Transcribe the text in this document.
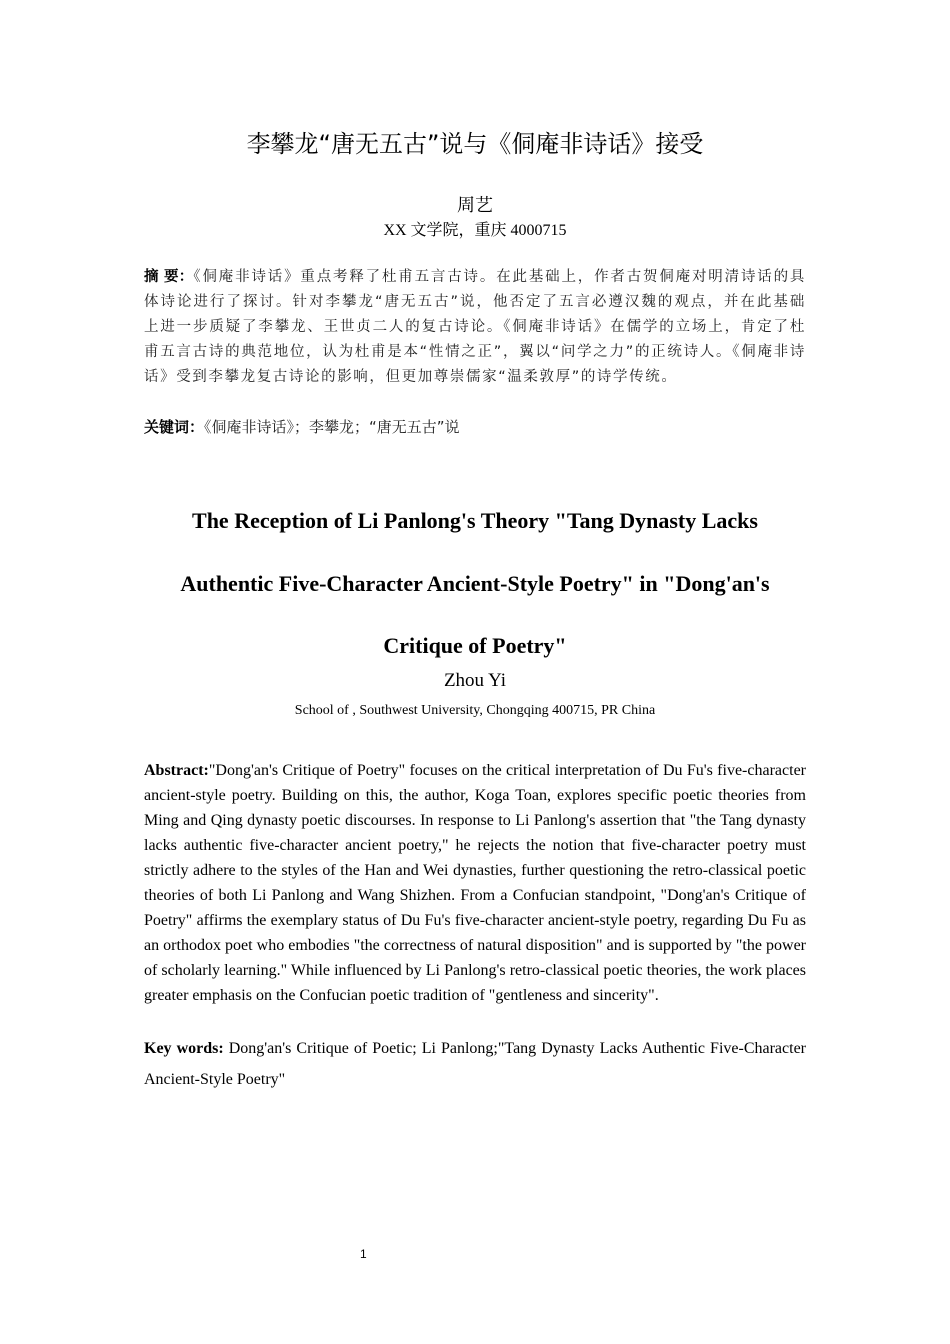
李攀龙“唐无五古”说与《侗庵非诗话》接受
周艺
XX 文学院，重庆 4000715
摘 要：《侗庵非诗话》重点考释了杜甫五言古诗。在此基础上，作者古贺侗庵对明清诗话的具体诗论进行了探讨。针对李攀龙“唐无五古”说，他否定了五言必遵汉魏的观点，并在此基础上进一步质疑了李攀龙、王世贞二人的复古诗论。《侗庵非诗话》在儒学的立场上，肯定了杜甫五言古诗的典范地位，认为杜甫是本“性情之正”，翼以“问学之力”的正统诗人。《侗庵非诗话》受到李攀龙复古诗论的影响，但更加尊崇儒家“温柔敦厚”的诗学传统。
关键词：《侗庵非诗话》；李攀龙；“唐无五古”说
The Reception of Li Panlong's Theory "Tang Dynasty Lacks Authentic Five-Character Ancient-Style Poetry" in "Dong'an's Critique of Poetry"
Zhou Yi
School of , Southwest University, Chongqing 400715, PR China
Abstract:"Dong'an's Critique of Poetry" focuses on the critical interpretation of Du Fu's five-character ancient-style poetry. Building on this, the author, Koga Toan, explores specific poetic theories from Ming and Qing dynasty poetic discourses. In response to Li Panlong's assertion that "the Tang dynasty lacks authentic five-character ancient poetry," he rejects the notion that five-character poetry must strictly adhere to the styles of the Han and Wei dynasties, further questioning the retro-classical poetic theories of both Li Panlong and Wang Shizhen. From a Confucian standpoint, "Dong'an's Critique of Poetry" affirms the exemplary status of Du Fu's five-character ancient-style poetry, regarding Du Fu as an orthodox poet who embodies "the correctness of natural disposition" and is supported by "the power of scholarly learning." While influenced by Li Panlong's retro-classical poetic theories, the work places greater emphasis on the Confucian poetic tradition of "gentleness and sincerity".
Key words: Dong'an's Critique of Poetic; Li Panlong;"Tang Dynasty Lacks Authentic Five-Character Ancient-Style Poetry"
1
